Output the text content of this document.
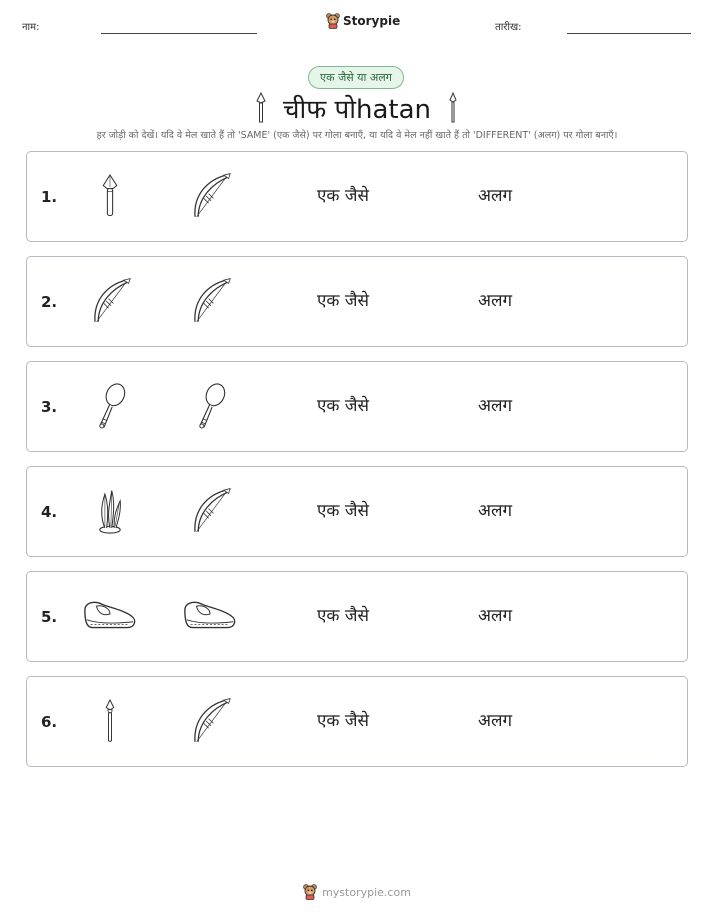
नाम:	Storypie	तारीख:
एक जैसे या अलग
चीफ पोhatan
हर जोड़ी को देखें। यदि वे मेल खाते हैं तो 'SAME' (एक जैसे) पर गोला बनाएँ, या यदि वे मेल नहीं खाते हैं तो 'DIFFERENT' (अलग) पर गोला बनाएँ।
1.	एक जैसे	अलग
2.	एक जैसे	अलग
3.	एक जैसे	अलग
4.	एक जैसे	अलग
5.	एक जैसे	अलग
6.	एक जैसे	अलग
mystorypie.com
